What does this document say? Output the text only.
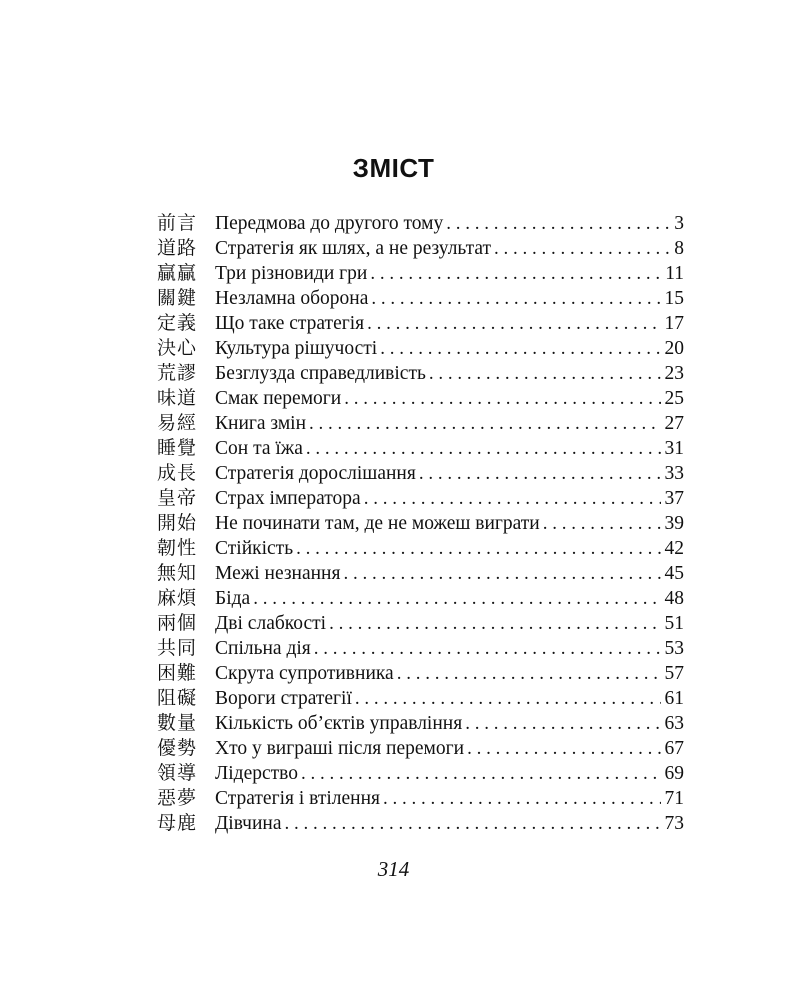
ЗМІСТ
前言 Передмова до другого тому . . .	3
道路 Стратегія як шлях, а не результат . . .	8
贏贏 Три різновиди гри . . .	11
關鍵 Незламна оборона . . .	15
定義 Що таке стратегія . . .	17
決心 Культура рішучості . . .	20
荒謬 Безглузда справедливість . . .	23
味道 Смак перемоги . . .	25
易經 Книга змін . . .	27
睡覺 Сон та їжа . . .	31
成長 Стратегія дорослішання . . .	33
皇帝 Страх імператора . . .	37
開始 Не починати там, де не можеш виграти . . .	39
韌性 Стійкість . . .	42
無知 Межі незнання . . .	45
麻煩 Біда . . .	48
兩個 Дві слабкості . . .	51
共同 Спільна дія . . .	53
困難 Скрута супротивника . . .	57
阻礙 Вороги стратегії . . .	61
數量 Кількість об’єктів управління . . .	63
優勢 Хто у виграші після перемоги . . .	67
領導 Лідерство . . .	69
惡夢 Стратегія і втілення . . .	71
母鹿 Дівчина . . .	73
314
